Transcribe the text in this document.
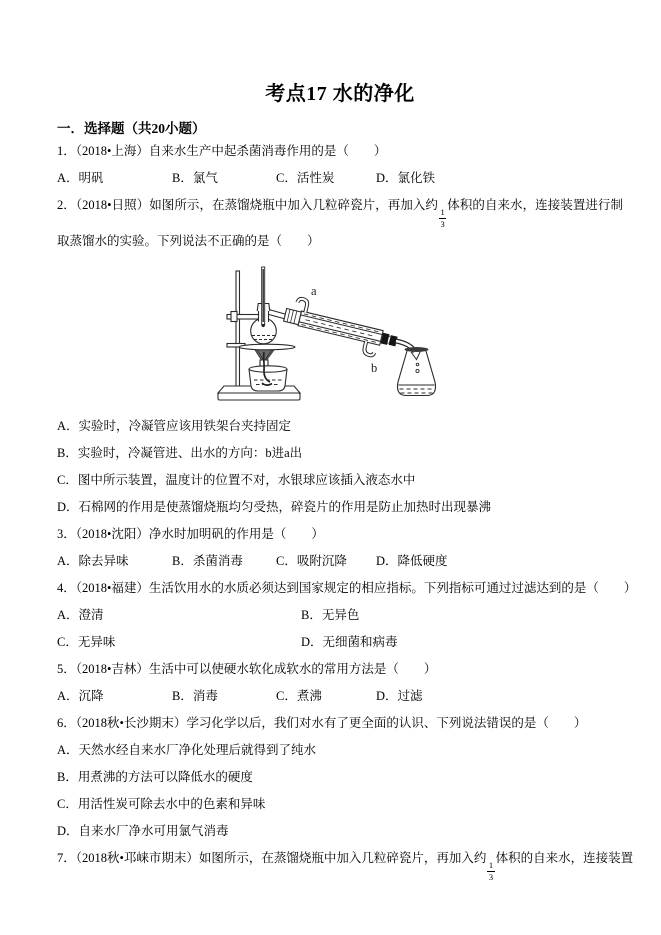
考点17 水的净化
一．选择题（共20小题）

1．（2018•上海）自来水生产中起杀菌消毒作用的是（　　）

A．明矾	B．氯气	C．活性炭	D．氯化铁

2．（2018•日照）如图所示，在蒸馏烧瓶中加入几粒碎瓷片，再加入约
$\frac{1}{3}$
体积的自来水，连接装置进行制取蒸馏水的实验。下列说法不正确的是（　　）

a
b

A．实验时，冷凝管应该用铁架台夹持固定

B．实验时，冷凝管进、出水的方向：b进a出

C．图中所示装置，温度计的位置不对，水银球应该插入液态水中

D．石棉网的作用是使蒸馏烧瓶均匀受热，碎瓷片的作用是防止加热时出现暴沸

3．（2018•沈阳）净水时加明矾的作用是（　　）

A．除去异味	B．杀菌消毒	C．吸附沉降	D．降低硬度

4．（2018•福建）生活饮用水的水质必须达到国家规定的相应指标。下列指标可通过过滤达到的是（　　）

A．澄清	B．无异色
C．无异味	D．无细菌和病毒

5．（2018•吉林）生活中可以使硬水软化成软水的常用方法是（　　）

A．沉降	B．消毒	C．煮沸	D．过滤

6．（2018秋•长沙期末）学习化学以后，我们对水有了更全面的认识、下列说法错误的是（　　）

A．天然水经自来水厂净化处理后就得到了纯水

B．用煮沸的方法可以降低水的硬度

C．用活性炭可除去水中的色素和异味

D．自来水厂净水可用氯气消毒

7．（2018秋•邛崃市期末）如图所示，在蒸馏烧瓶中加入几粒碎瓷片，再加入约
$\frac{1}{3}$
体积的自来水，连接装置
